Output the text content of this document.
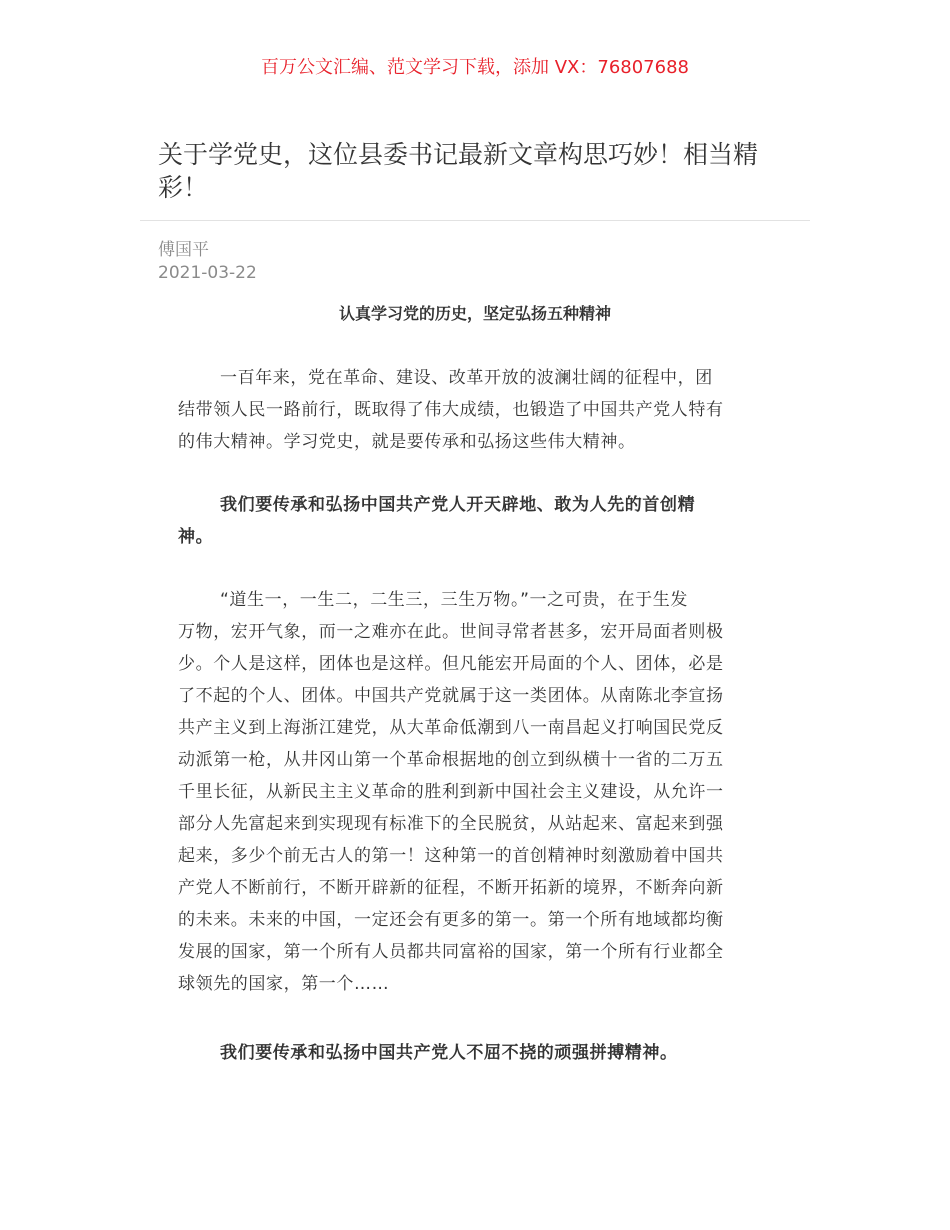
百万公文汇编、范文学习下载，添加 VX：76807688
关于学党史，这位县委书记最新文章构思巧妙！相当精彩！
傅国平
2021-03-22
认真学习党的历史，坚定弘扬五种精神
一百年来，党在革命、建设、改革开放的波澜壮阔的征程中，团
结带领人民一路前行，既取得了伟大成绩，也锻造了中国共产党人特有
的伟大精神。学习党史，就是要传承和弘扬这些伟大精神。
我们要传承和弘扬中国共产党人开天辟地、敢为人先的首创精
神。
“道生一，一生二，二生三，三生万物。”一之可贵，在于生发
万物，宏开气象，而一之难亦在此。世间寻常者甚多，宏开局面者则极
少。个人是这样，团体也是这样。但凡能宏开局面的个人、团体，必是
了不起的个人、团体。中国共产党就属于这一类团体。从南陈北李宣扬
共产主义到上海浙江建党，从大革命低潮到八一南昌起义打响国民党反
动派第一枪，从井冈山第一个革命根据地的创立到纵横十一省的二万五
千里长征，从新民主主义革命的胜利到新中国社会主义建设，从允许一
部分人先富起来到实现现有标准下的全民脱贫，从站起来、富起来到强
起来，多少个前无古人的第一！这种第一的首创精神时刻激励着中国共
产党人不断前行，不断开辟新的征程，不断开拓新的境界，不断奔向新
的未来。未来的中国，一定还会有更多的第一。第一个所有地域都均衡
发展的国家，第一个所有人员都共同富裕的国家，第一个所有行业都全
球领先的国家，第一个……
我们要传承和弘扬中国共产党人不屈不挠的顽强拼搏精神。
